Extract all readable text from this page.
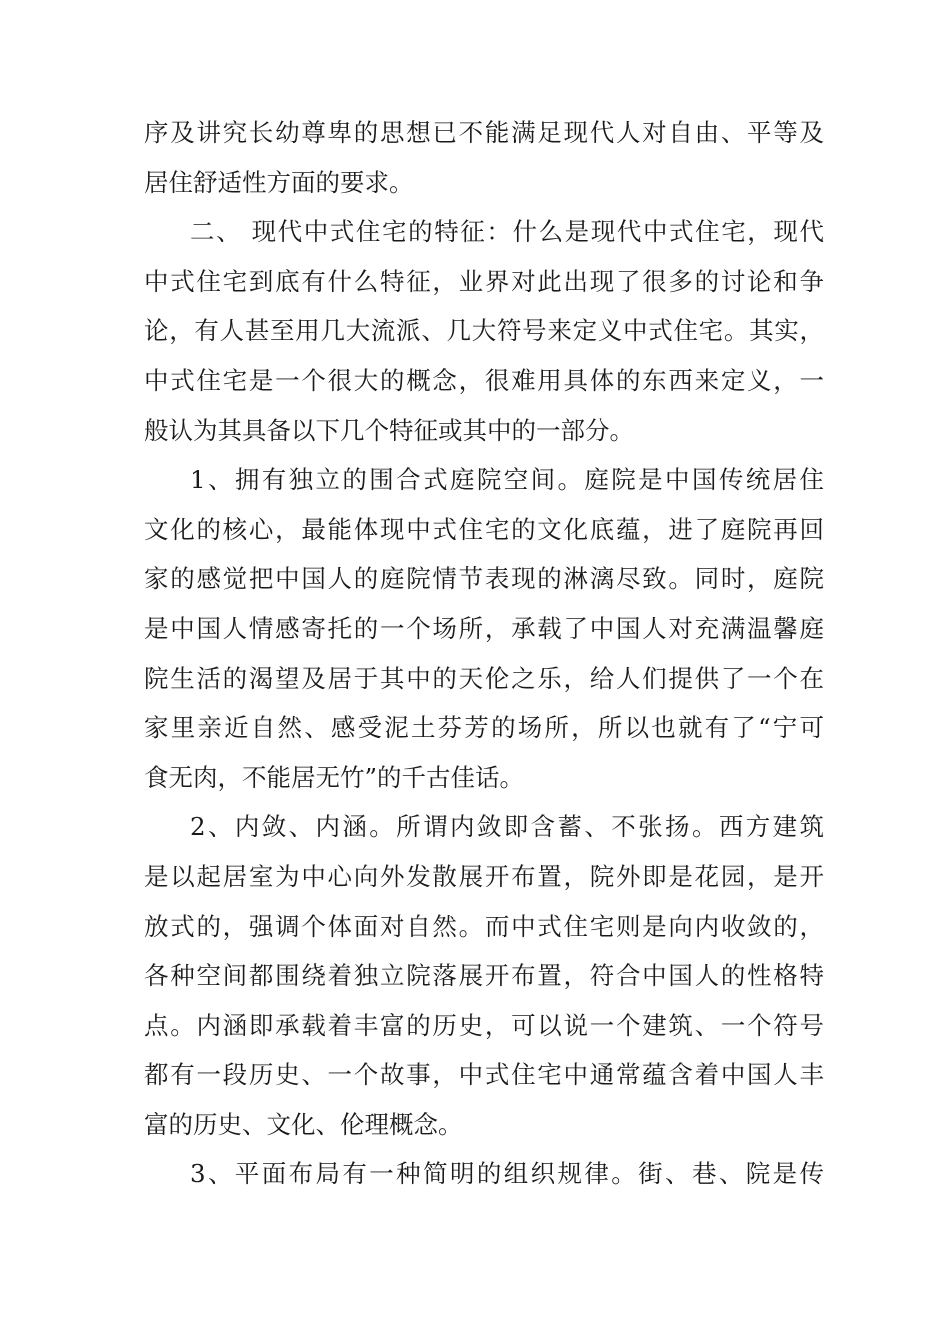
序及讲究长幼尊卑的思想已不能满足现代人对自由、平等及
居住舒适性方面的要求。
二、 现代中式住宅的特征：什么是现代中式住宅，现代
中式住宅到底有什么特征，业界对此出现了很多的讨论和争
论，有人甚至用几大流派、几大符号来定义中式住宅。其实，
中式住宅是一个很大的概念，很难用具体的东西来定义，一
般认为其具备以下几个特征或其中的一部分。
1、拥有独立的围合式庭院空间。庭院是中国传统居住
文化的核心，最能体现中式住宅的文化底蕴，进了庭院再回
家的感觉把中国人的庭院情节表现的淋漓尽致。同时，庭院
是中国人情感寄托的一个场所，承载了中国人对充满温馨庭
院生活的渴望及居于其中的天伦之乐，给人们提供了一个在
家里亲近自然、感受泥土芬芳的场所，所以也就有了“宁可
食无肉，不能居无竹”的千古佳话。
2、内敛、内涵。所谓内敛即含蓄、不张扬。西方建筑
是以起居室为中心向外发散展开布置，院外即是花园，是开
放式的，强调个体面对自然。而中式住宅则是向内收敛的，
各种空间都围绕着独立院落展开布置，符合中国人的性格特
点。内涵即承载着丰富的历史，可以说一个建筑、一个符号
都有一段历史、一个故事，中式住宅中通常蕴含着中国人丰
富的历史、文化、伦理概念。
3、平面布局有一种简明的组织规律。街、巷、院是传
